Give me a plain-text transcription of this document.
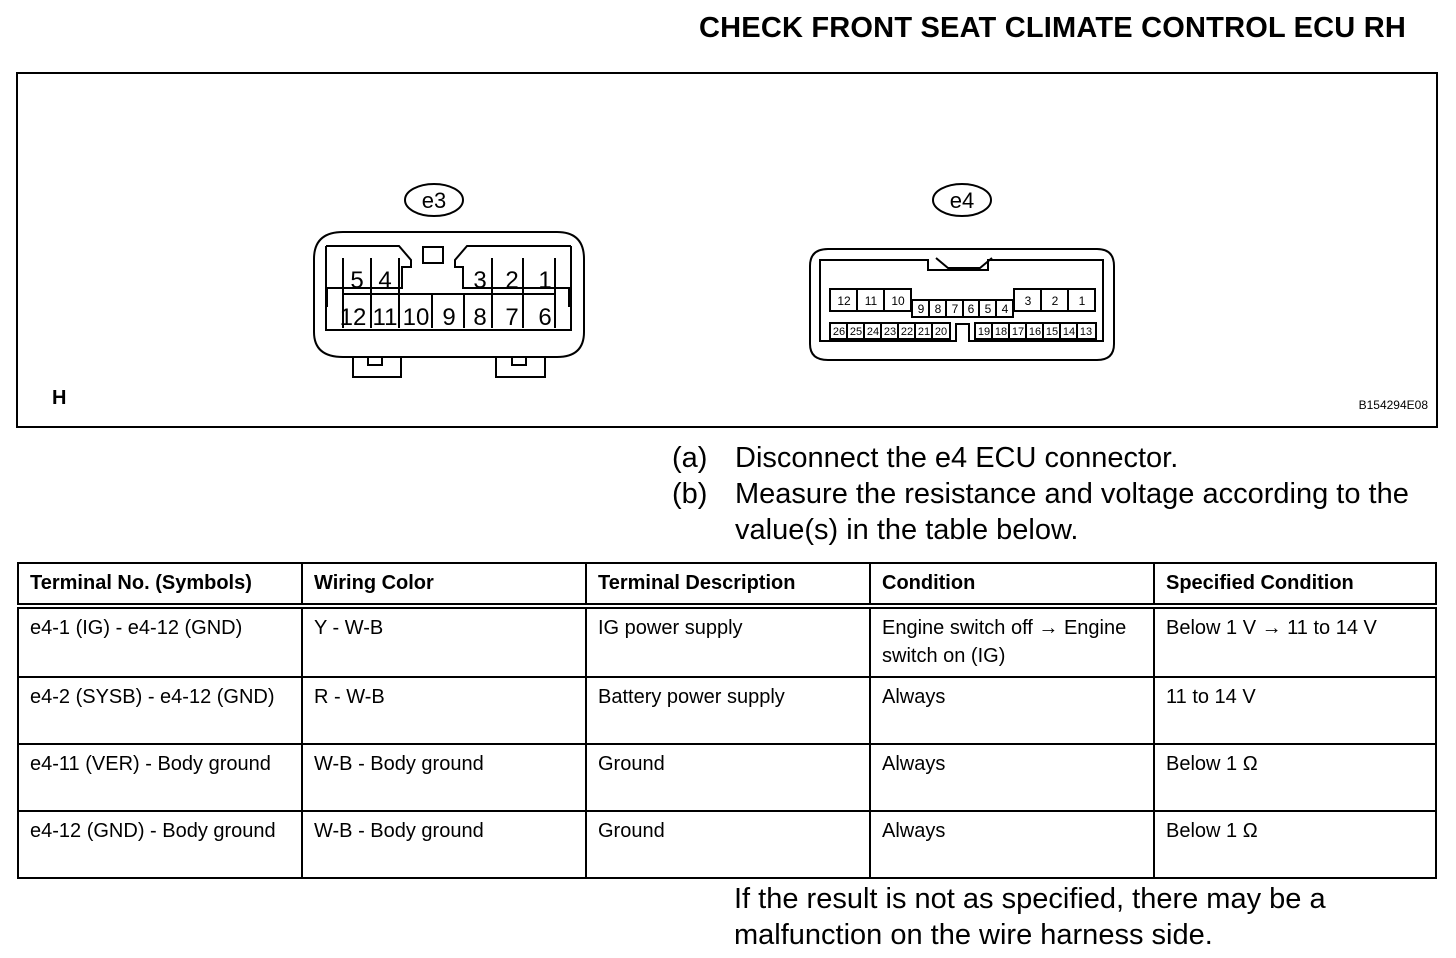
CHECK FRONT SEAT CLIMATE CONTROL ECU RH
e3	e4
5 4	3 2 1
12 11 10 9 8 7 6
12 11 10
9 8 7 6 5 4
3 2 1
26 25 24 23 22 21 20	19 18 17 16 15 14 13
H	B154294E08
(a) Disconnect the e4 ECU connector.
(b) Measure the resistance and voltage according to the value(s) in the table below.
Terminal No. (Symbols)	Wiring Color	Terminal Description	Condition	Specified Condition
e4-1 (IG) - e4-12 (GND)	Y - W-B	IG power supply	Engine switch off → Engine switch on (IG)	Below 1 V → 11 to 14 V
e4-2 (SYSB) - e4-12 (GND)	R - W-B	Battery power supply	Always	11 to 14 V
e4-11 (VER) - Body ground	W-B - Body ground	Ground	Always	Below 1 Ω
e4-12 (GND) - Body ground	W-B - Body ground	Ground	Always	Below 1 Ω
If the result is not as specified, there may be a malfunction on the wire harness side.
